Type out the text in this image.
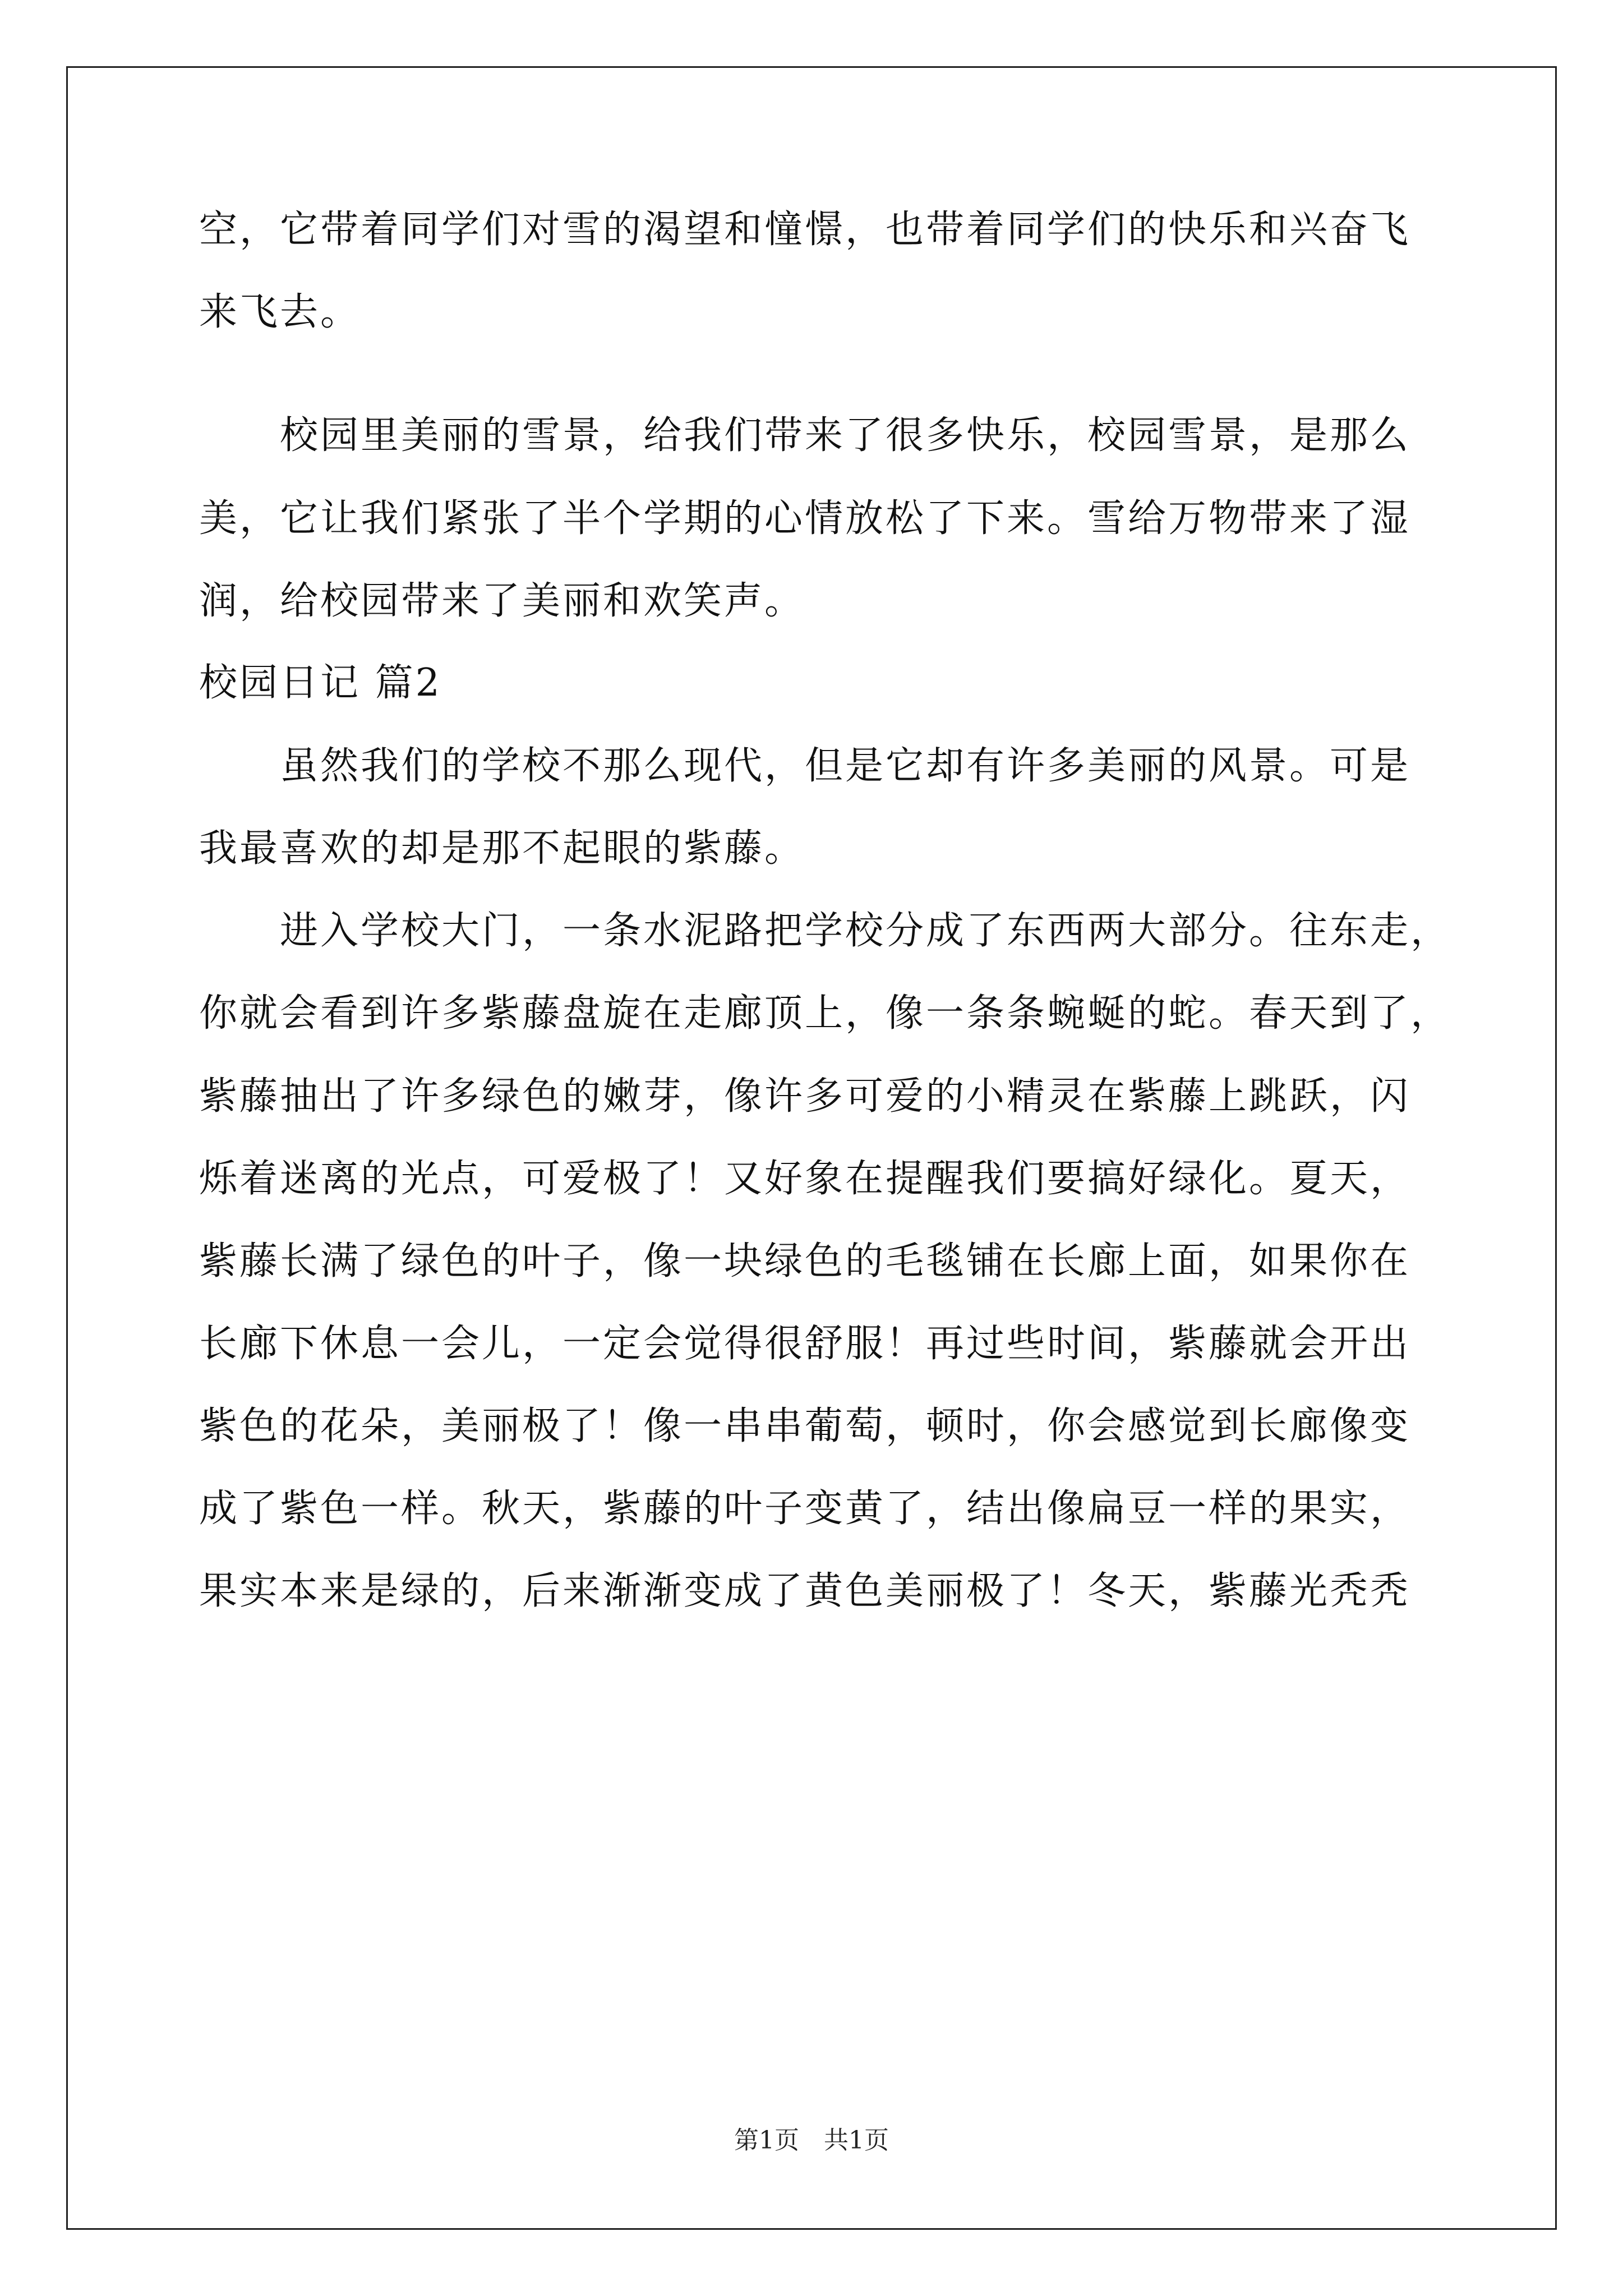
空，它带着同学们对雪的渴望和憧憬，也带着同学们的快乐和兴奋飞
来飞去。
　　校园里美丽的雪景，给我们带来了很多快乐，校园雪景，是那么
美，它让我们紧张了半个学期的心情放松了下来。雪给万物带来了湿
润，给校园带来了美丽和欢笑声。
校园日记 篇2
　　虽然我们的学校不那么现代，但是它却有许多美丽的风景。可是
我最喜欢的却是那不起眼的紫藤。
　　进入学校大门，一条水泥路把学校分成了东西两大部分。往东走，
你就会看到许多紫藤盘旋在走廊顶上，像一条条蜿蜒的蛇。春天到了，
紫藤抽出了许多绿色的嫩芽，像许多可爱的小精灵在紫藤上跳跃，闪
烁着迷离的光点，可爱极了！又好象在提醒我们要搞好绿化。夏天，
紫藤长满了绿色的叶子，像一块绿色的毛毯铺在长廊上面，如果你在
长廊下休息一会儿，一定会觉得很舒服！再过些时间，紫藤就会开出
紫色的花朵，美丽极了！像一串串葡萄，顿时，你会感觉到长廊像变
成了紫色一样。秋天，紫藤的叶子变黄了，结出像扁豆一样的果实，
果实本来是绿的，后来渐渐变成了黄色美丽极了！冬天，紫藤光秃秃
第1页　共1页
